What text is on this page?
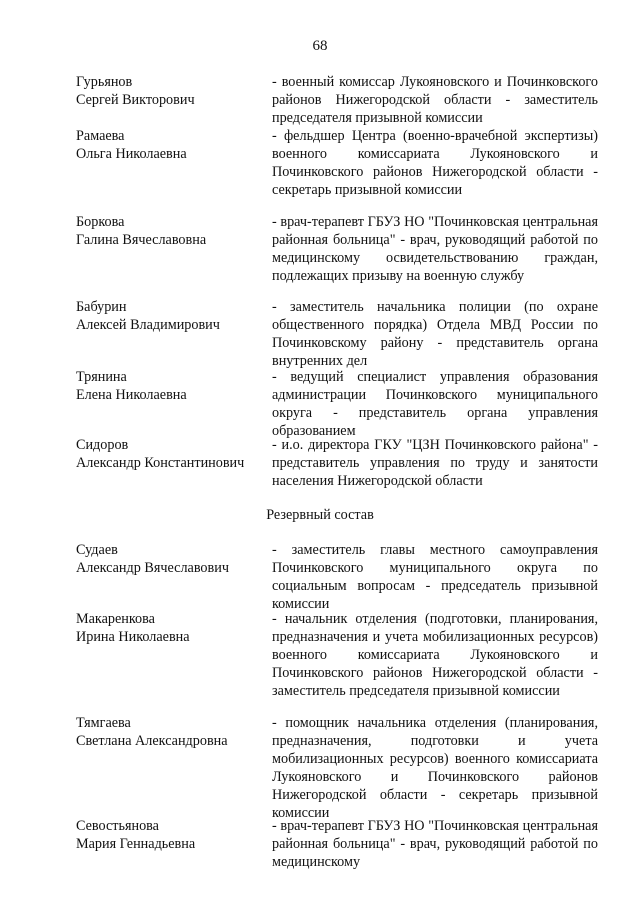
68
Гурьянов
Сергей Викторович
- военный комиссар Лукояновского и Починковского районов Нижегородской области - заместитель председателя призывной комиссии
Рамаева
Ольга Николаевна
- фельдшер Центра (военно-врачебной экспертизы) военного комиссариата Лукояновского и Починковского районов Нижегородской области - секретарь призывной комиссии
Боркова
Галина Вячеславовна
- врач-терапевт ГБУЗ НО "Починковская центральная районная больница" - врач, руководящий работой по медицинскому освидетельствованию граждан, подлежащих призыву на военную службу
Бабурин
Алексей Владимирович
- заместитель начальника полиции (по охране общественного порядка) Отдела МВД России по Починковскому району - представитель органа внутренних дел
Трянина
Елена Николаевна
- ведущий специалист управления образования администрации Починковского муниципального округа - представитель органа управления образованием
Сидоров
Александр Константинович
- и.о. директора ГКУ "ЦЗН Починковского района" - представитель управления по труду и занятости населения Нижегородской области
Резервный состав
Судаев
Александр Вячеславович
- заместитель главы местного самоуправления Починковского муниципального округа по социальным вопросам - председатель призывной комиссии
Макаренкова
Ирина Николаевна
- начальник отделения (подготовки, планирования, предназначения и учета мобилизационных ресурсов) военного комиссариата Лукояновского и Починковского районов Нижегородской области - заместитель председателя призывной комиссии
Тямгаева
Светлана Александровна
- помощник начальника отделения (планирования, предназначения, подготовки и учета мобилизационных ресурсов) военного комиссариата Лукояновского и Починковского районов Нижегородской области - секретарь призывной комиссии
Севостьянова
Мария Геннадьевна
- врач-терапевт ГБУЗ НО "Починковская центральная районная больница" - врач, руководящий работой по медицинскому
